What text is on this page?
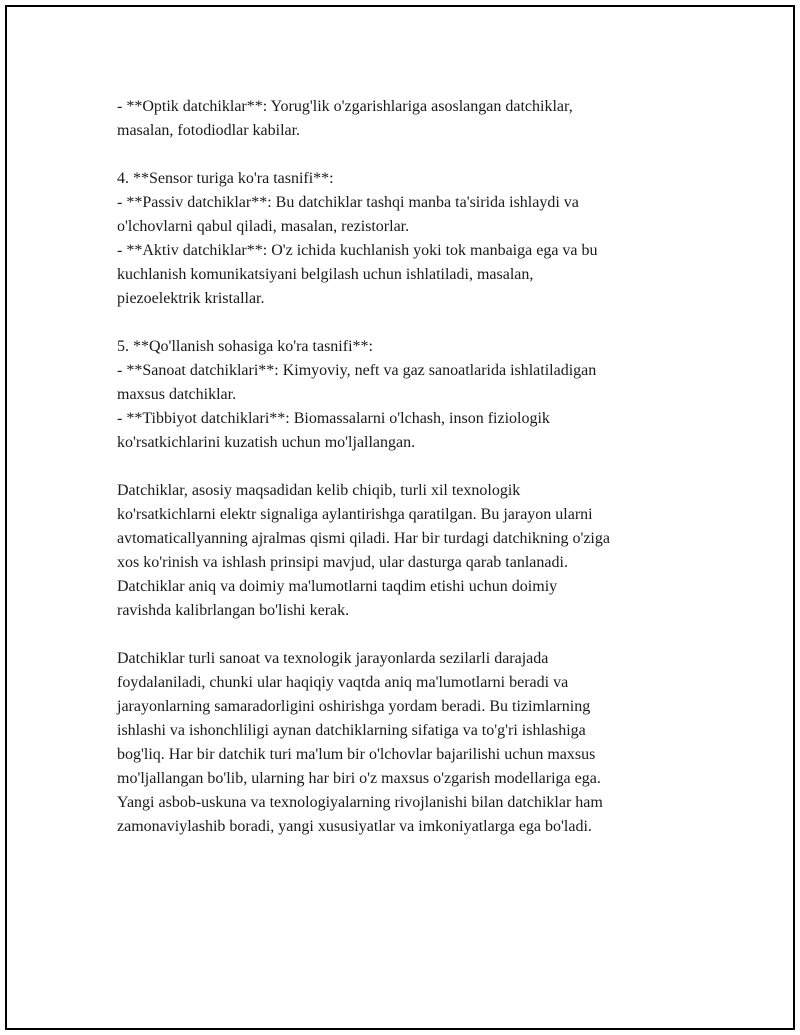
- **Optik datchiklar**: Yorug'lik o'zgarishlariga asoslangan datchiklar,

masalan, fotodiodlar kabilar.

4. **Sensor turiga ko'ra tasnifi**:

- **Passiv datchiklar**: Bu datchiklar tashqi manba ta'sirida ishlaydi va

o'lchovlarni qabul qiladi, masalan, rezistorlar.

- **Aktiv datchiklar**: O'z ichida kuchlanish yoki tok manbaiga ega va bu

kuchlanish komunikatsiyani belgilash uchun ishlatiladi, masalan,

piezoelektrik kristallar.

5. **Qo'llanish sohasiga ko'ra tasnifi**:

- **Sanoat datchiklari**: Kimyoviy, neft va gaz sanoatlarida ishlatiladigan

maxsus datchiklar.

- **Tibbiyot datchiklari**: Biomassalarni o'lchash, inson fiziologik

ko'rsatkichlarini kuzatish uchun mo'ljallangan.

Datchiklar, asosiy maqsadidan kelib chiqib, turli xil texnologik

ko'rsatkichlarni elektr signaliga aylantirishga qaratilgan. Bu jarayon ularni

avtomaticallyanning ajralmas qismi qiladi. Har bir turdagi datchikning o'ziga

xos ko'rinish va ishlash prinsipi mavjud, ular dasturga qarab tanlanadi.

Datchiklar aniq va doimiy ma'lumotlarni taqdim etishi uchun doimiy

ravishda kalibrlangan bo'lishi kerak.

Datchiklar turli sanoat va texnologik jarayonlarda sezilarli darajada

foydalaniladi, chunki ular haqiqiy vaqtda aniq ma'lumotlarni beradi va

jarayonlarning samaradorligini oshirishga yordam beradi. Bu tizimlarning

ishlashi va ishonchliligi aynan datchiklarning sifatiga va to'g'ri ishlashiga

bog'liq. Har bir datchik turi ma'lum bir o'lchovlar bajarilishi uchun maxsus

mo'ljallangan bo'lib, ularning har biri o'z maxsus o'zgarish modellariga ega.

Yangi asbob-uskuna va texnologiyalarning rivojlanishi bilan datchiklar ham

zamonaviylashib boradi, yangi xususiyatlar va imkoniyatlarga ega bo'ladi.
